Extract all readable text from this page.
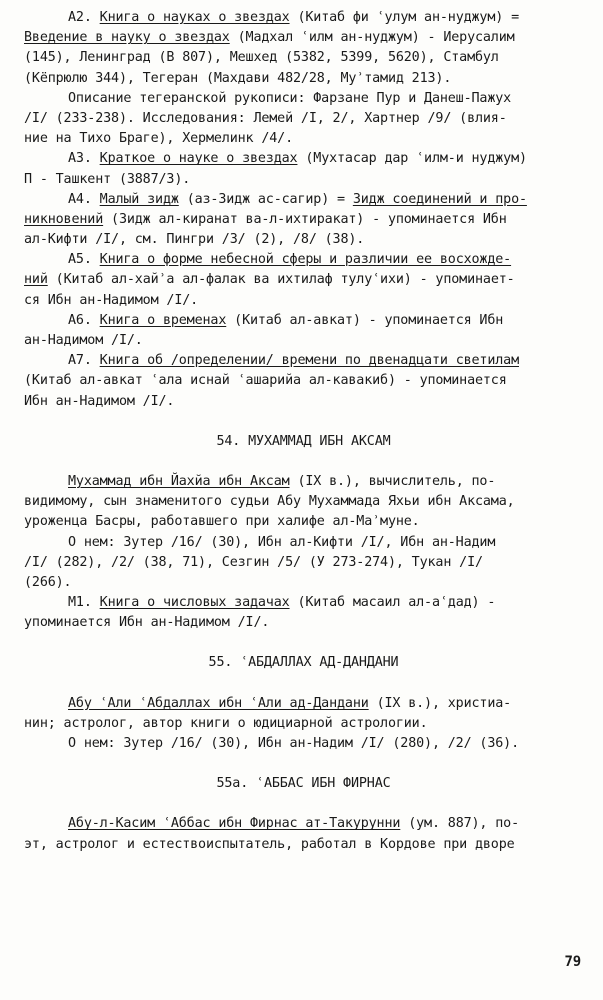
А2. Книга о науках о звездах (Китаб фи ʿулум ан-нуджум) =
Введение в науку о звездах (Мадхал ʿилм ан-нуджум) - Иерусалим
(145), Ленинград (В 807), Мешхед (5382, 5399, 5620), Стамбул
(Кёпрюлю 344), Тегеран (Махдави 482/28, Муʾтамид 213).
Описание тегеранской рукописи: Фарзане Пур и Данеш-Пажух
/I/ (233-238). Исследования: Лемей /I, 2/, Хартнер /9/ (влия-
ние на Тихо Браге), Хермелинк /4/.
А3. Краткое о науке о звездах (Мухтасар дар ʿилм-и нуджум)
П - Ташкент (3887/3).
А4. Малый зидж (аз-Зидж ас-сагир) = Зидж соединений и про-
никновений (Зидж ал-киранат ва-л-ихтиракат) - упоминается Ибн
ал-Кифти /I/, см. Пингри /3/ (2), /8/ (38).
А5. Книга о форме небесной сферы и различии ее восхожде-
ний (Китаб ал-хайʾа ал-фалак ва ихтилаф тулуʿихи) - упоминает-
ся Ибн ан-Надимом /I/.
А6. Книга о временах (Китаб ал-авкат) - упоминается Ибн
ан-Надимом /I/.
А7. Книга об /определении/ времени по двенадцати светилам
(Китаб ал-авкат ʿала иснай ʿашарийа ал-кавакиб) - упоминается
Ибн ан-Надимом /I/.
54. МУХАММАД ИБН АКСАМ
Мухаммад ибн Йахйа ибн Аксам (IX в.), вычислитель, по-
видимому, сын знаменитого судьи Абу Мухаммада Яхьи ибн Аксама,
уроженца Басры, работавшего при халифе ал-Маʾмуне.
О нем: Зутер /16/ (30), Ибн ал-Кифти /I/, Ибн ан-Надим
/I/ (282), /2/ (38, 71), Сезгин /5/ (У 273-274), Тукан /I/
(266).
М1. Книга о числовых задачах (Китаб масаил ал-аʿдад) -
упоминается Ибн ан-Надимом /I/.
55. ʿАБДАЛЛАХ АД-ДАНДАНИ
Абу ʿАли ʿАбдаллах ибн ʿАли ад-Дандани (IX в.), христиа-
нин; астролог, автор книги о юдициарной астрологии.
О нем: Зутер /16/ (30), Ибн ан-Надим /I/ (280), /2/ (36).
55а. ʿАББАС ИБН ФИРНАС
Абу-л-Касим ʿАббас ибн Фирнас ат-Такурунни (ум. 887), по-
эт, астролог и естествоиспытатель, работал в Кордове при дворе
79
